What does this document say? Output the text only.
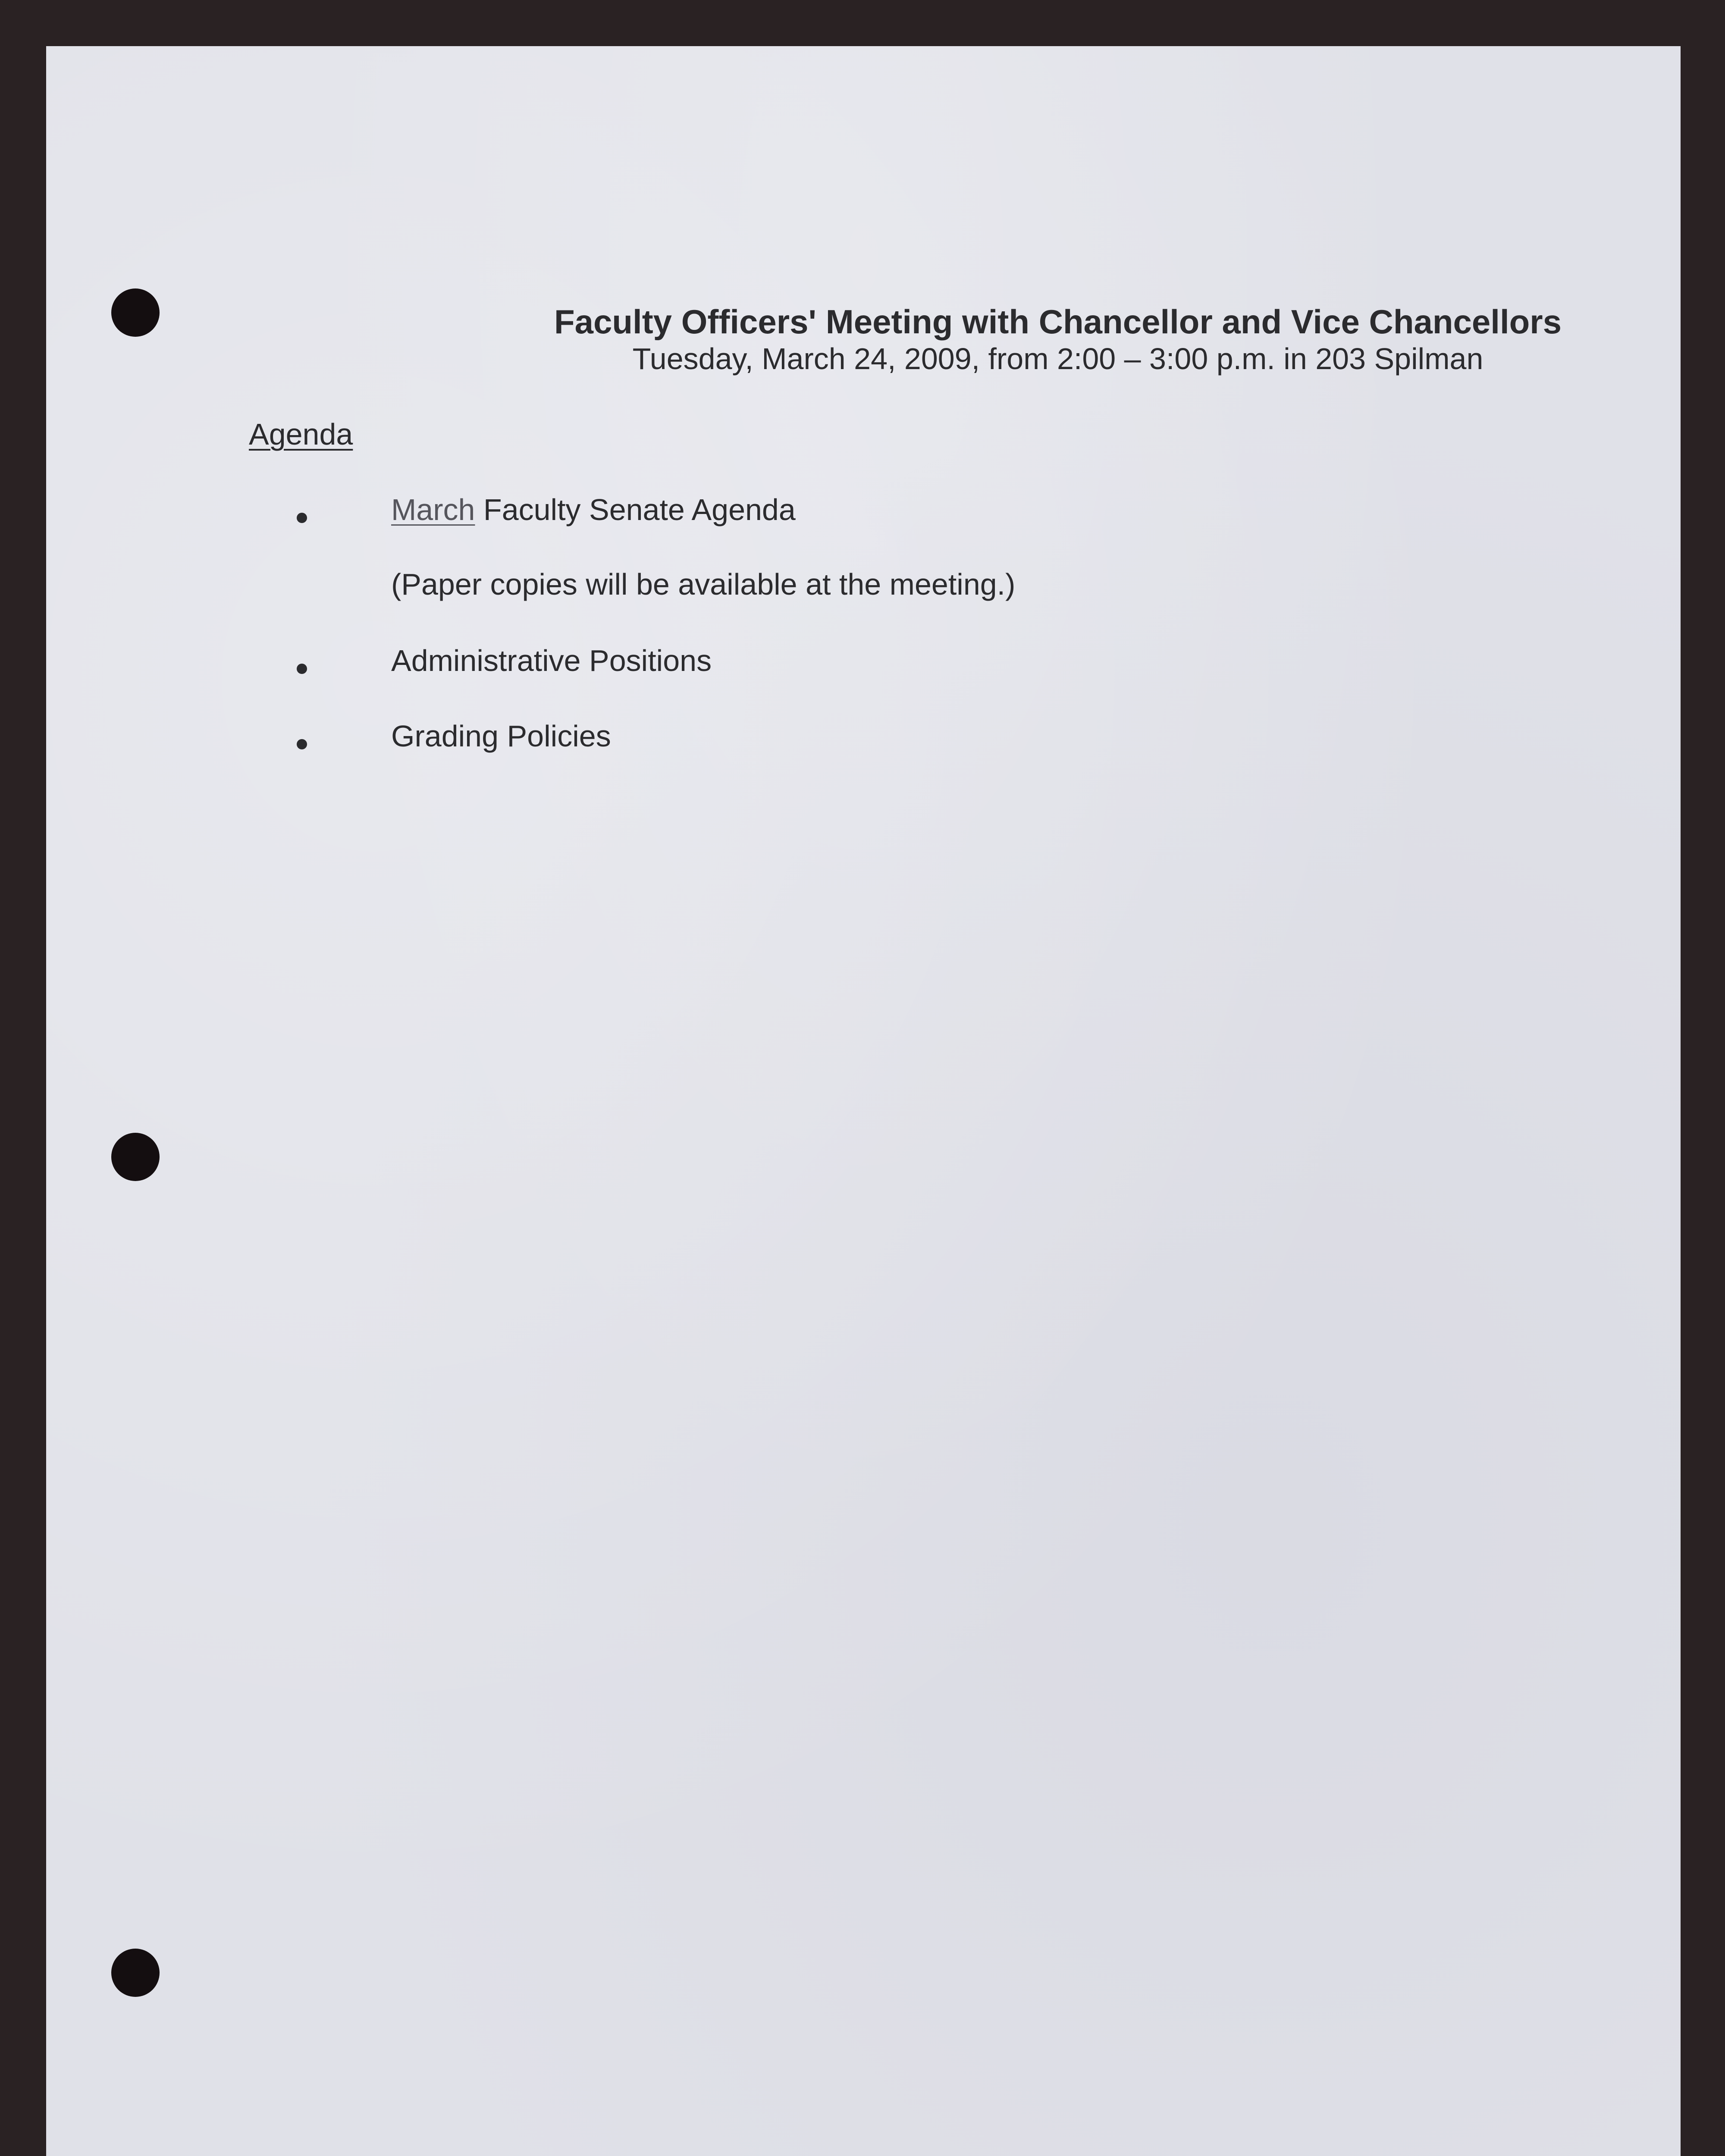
Faculty Officers' Meeting with Chancellor and Vice Chancellors

Tuesday, March 24, 2009, from 2:00 – 3:00 p.m. in 203 Spilman

Agenda

March Faculty Senate Agenda
(Paper copies will be available at the meeting.)
Administrative Positions
Grading Policies
